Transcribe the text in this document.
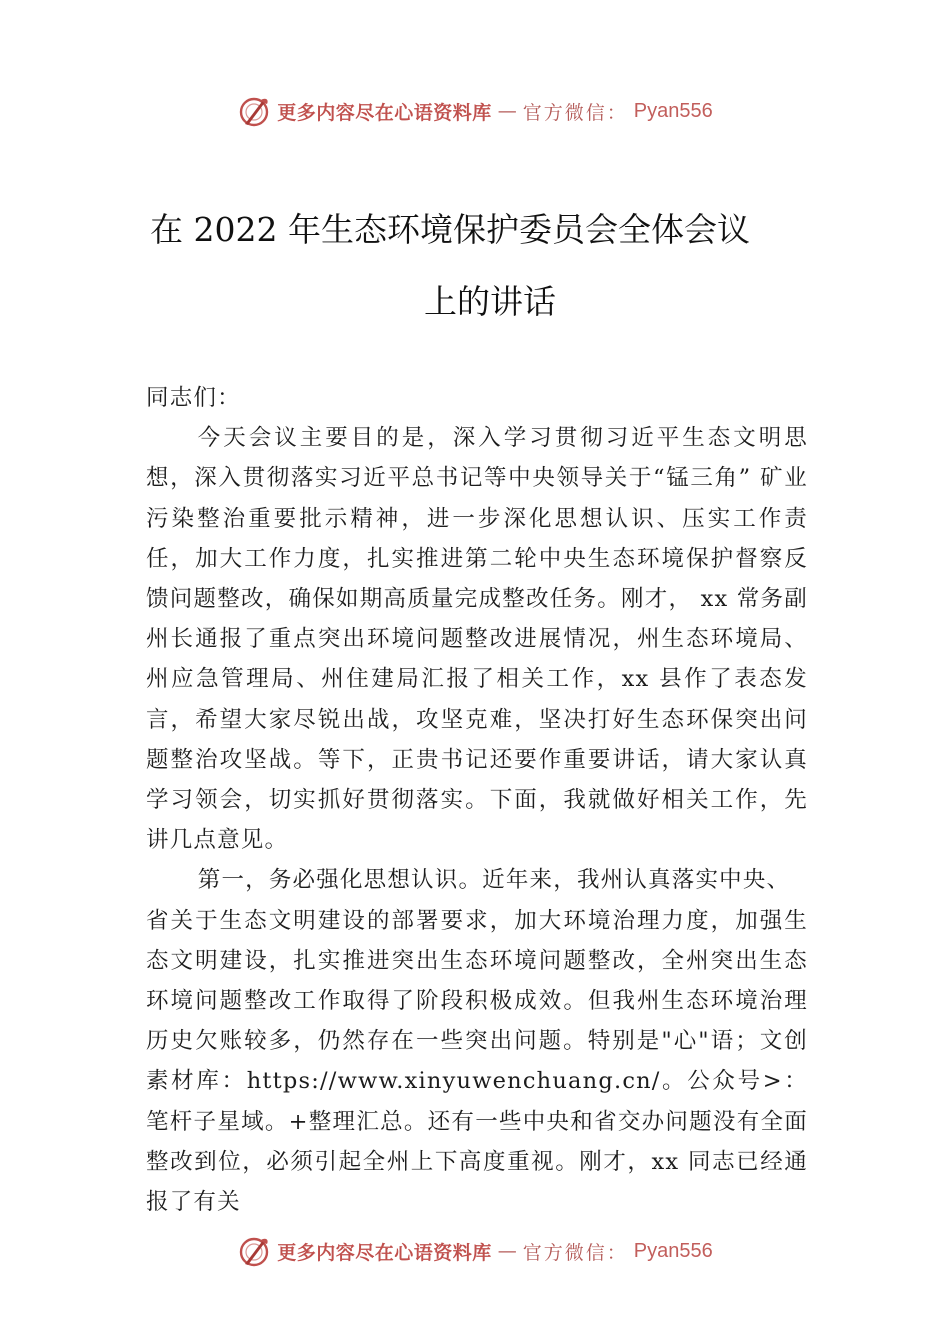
更多内容尽在心语资料库 — 官方微信： Pyan556
在 2022 年生态环境保护委员会全体会议
上的讲话

同志们：

今天会议主要目的是，深入学习贯彻习近平生态文明思想，深入贯彻落实习近平总书记等中央领导关于“锰三角” 矿业污染整治重要批示精神，进一步深化思想认识、压实工作责任，加大工作力度，扎实推进第二轮中央生态环境保护督察反馈问题整改，确保如期高质量完成整改任务。刚才， xx 常务副州长通报了重点突出环境问题整改进展情况，州生态环境局、州应急管理局、州住建局汇报了相关工作，xx 县作了表态发言，希望大家尽锐出战，攻坚克难，坚决打好生态环保突出问题整治攻坚战。等下，正贵书记还要作重要讲话，请大家认真学习领会，切实抓好贯彻落实。下面，我就做好相关工作，先讲几点意见。

第一，务必强化思想认识。近年来，我州认真落实中央、

省关于生态文明建设的部署要求，加大环境治理力度，加强生态文明建设，扎实推进突出生态环境问题整改，全州突出生态环境问题整改工作取得了阶段积极成效。但我州生态环境治理历史欠账较多，仍然存在一些突出问题。特别是"心"语；文创素材库：https://www.xinyuwenchuang.cn/。公众号>：笔杆子星域。+整理汇总。还有一些中央和省交办问题没有全面整改到位，必须引起全州上下高度重视。刚才，xx 同志已经通报了有关

更多内容尽在心语资料库 — 官方微信： Pyan556
